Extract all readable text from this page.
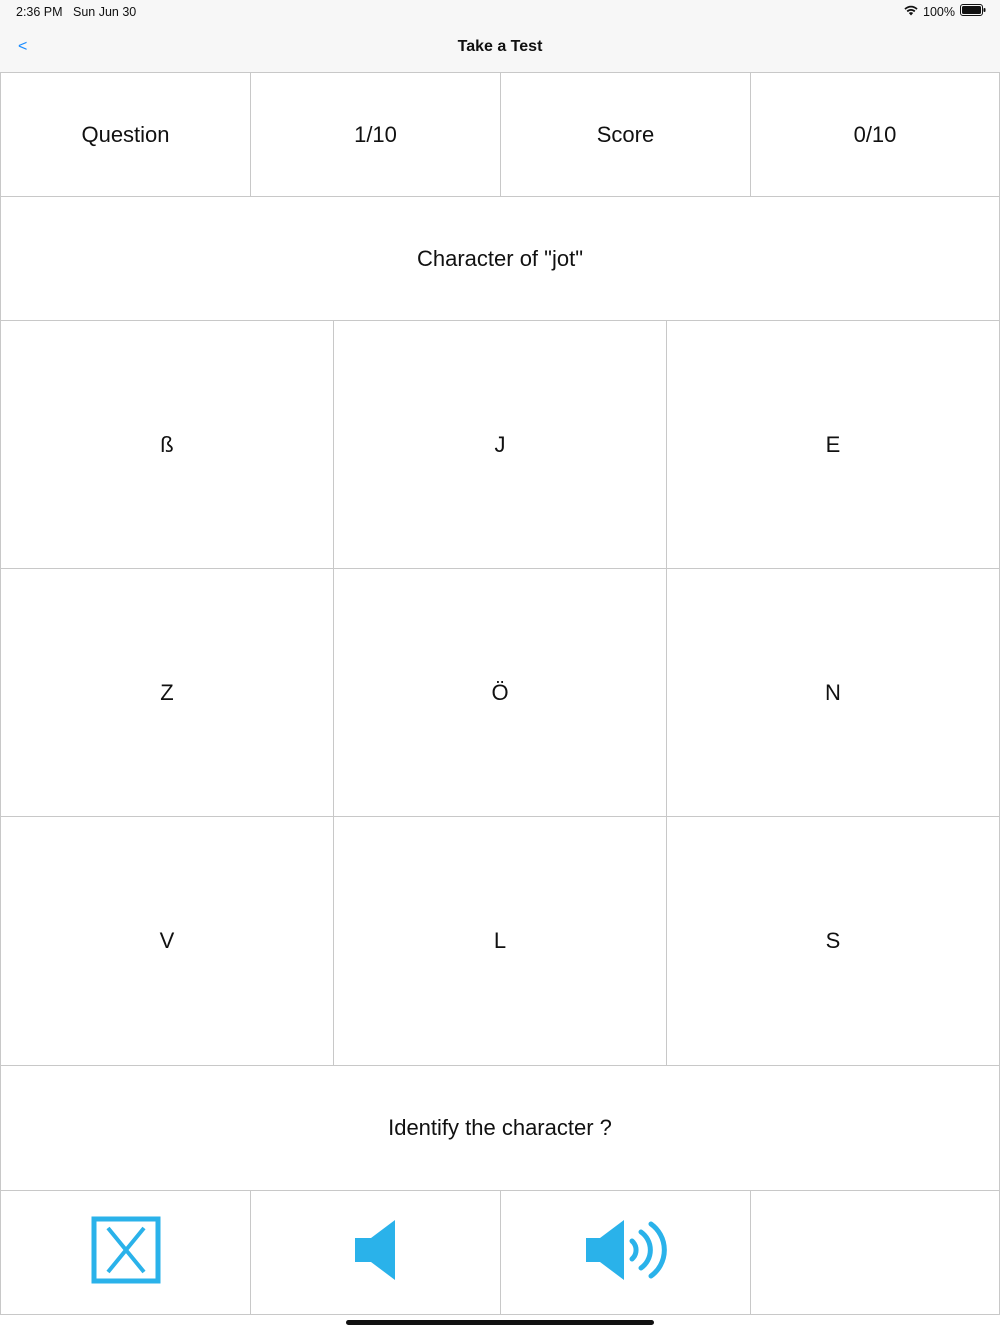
2:36 PM Sun Jun 30	100%
<	Take a Test
Question	1/10	Score	0/10
Character of "jot"
ß	J	E
Z	Ö	N
V	L	S
Identify the character ?
